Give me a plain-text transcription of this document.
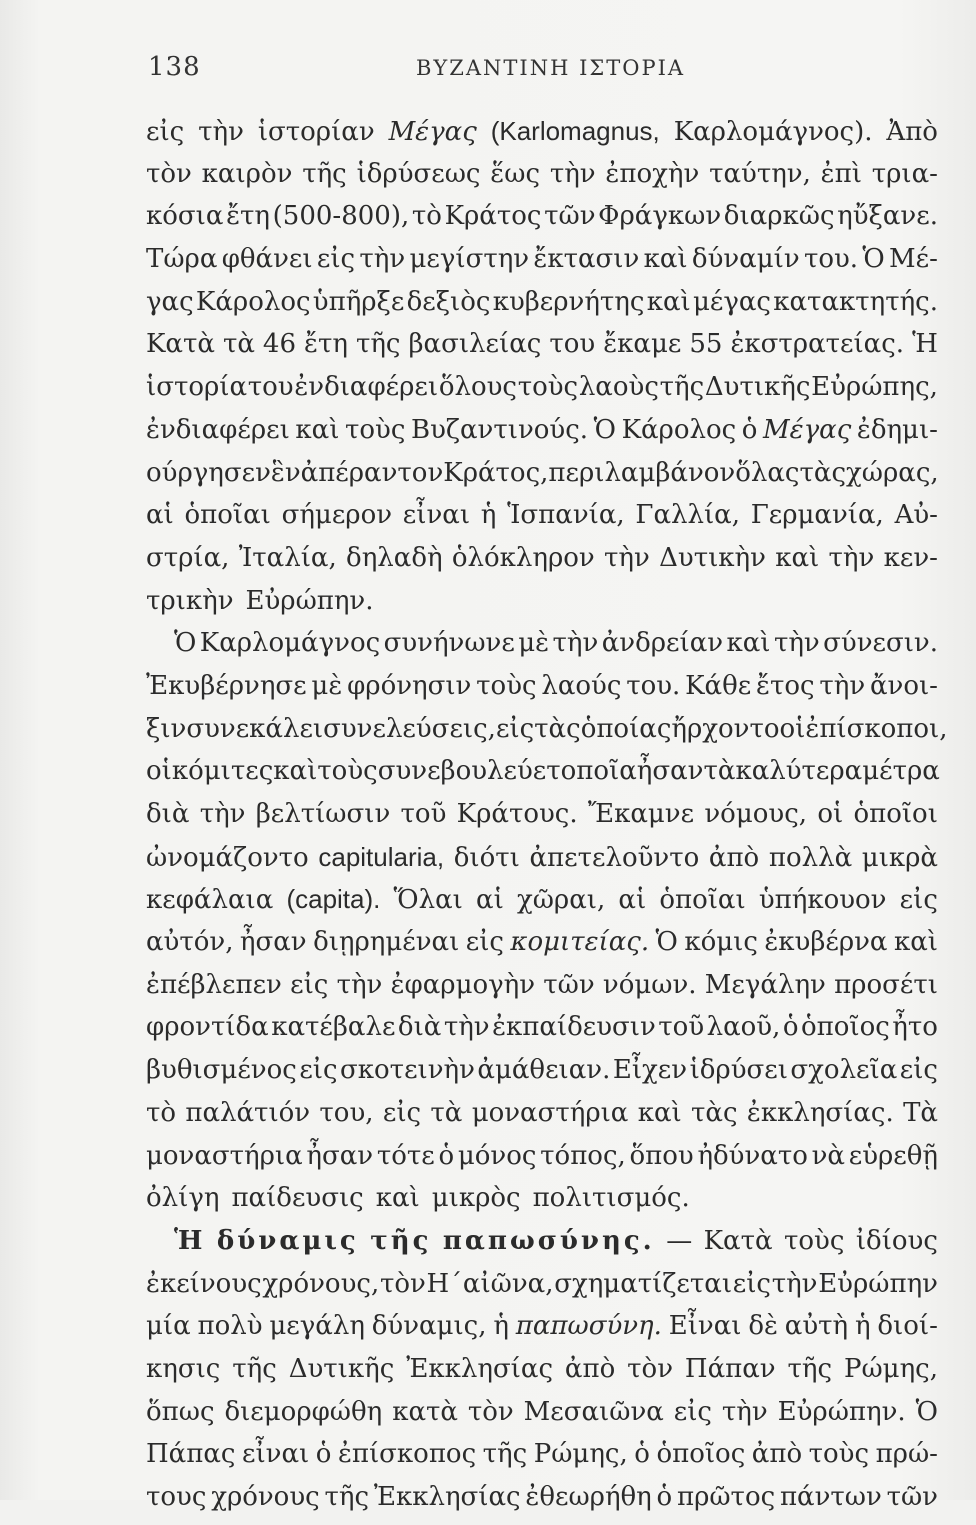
138	ΒΥΖΑΝΤΙΝΗ ΙΣΤΟΡΙΑ
εἰς τὴν ἱστορίαν Μέγας (Karlomagnus, Καρλομάγνος). Ἀπὸ
τὸν καιρὸν τῆς ἱδρύσεως ἕως τὴν ἐποχὴν ταύτην, ἐπὶ τρια-
κόσια ἔτη (500-800), τὸ Κράτος τῶν Φράγκων διαρκῶς ηὔξανε.
Τώρα φθάνει εἰς τὴν μεγίστην ἔκτασιν καὶ δύναμίν του. Ὁ Μέ-
γας Κάρολος ὑπῆρξε δεξιὸς κυβερνήτης καὶ μέγας κατακτητής.
Κατὰ τὰ 46 ἔτη τῆς βασιλείας του ἔκαμε 55 ἐκστρατείας. Ἡ
ἱστορία του ἐνδιαφέρει ὅλους τοὺς λαοὺς τῆς Δυτικῆς Εὐρώπης,
ἐνδιαφέρει καὶ τοὺς Βυζαντινούς. Ὁ Κάρολος ὁ Μέγας ἐδημι-
ούργησεν ἓν ἀπέραντον Κράτος, περιλαμβάνον ὅλας τὰς χώρας,
αἱ ὁποῖαι σήμερον εἶναι ἡ Ἱσπανία, Γαλλία, Γερμανία, Αὐ-
στρία, Ἰταλία, δηλαδὴ ὁλόκληρον τὴν Δυτικὴν καὶ τὴν κεν-
τρικὴν Εὐρώπην.
Ὁ Καρλομάγνος συνήνωνε μὲ τὴν ἀνδρείαν καὶ τὴν σύνεσιν.
Ἐκυβέρνησε μὲ φρόνησιν τοὺς λαούς του. Κάθε ἔτος τὴν ἄνοι-
ξιν συνεκάλει συνελεύσεις, εἰς τὰς ὁποίας ἤρχοντο οἱ ἐπίσκοποι,
οἱ κόμιτες καὶ τοὺς συνεβουλεύετο ποῖα ἦσαν τὰ καλύτερα μέτρα
διὰ τὴν βελτίωσιν τοῦ Κράτους. Ἔκαμνε νόμους, οἱ ὁποῖοι
ὠνομάζοντο capitularia, διότι ἀπετελοῦντο ἀπὸ πολλὰ μικρὰ
κεφάλαια (capita). Ὅλαι αἱ χῶραι, αἱ ὁποῖαι ὑπήκουον εἰς
αὐτόν, ἦσαν διῃρημέναι εἰς κομιτείας. Ὁ κόμις ἐκυβέρνα καὶ
ἐπέβλεπεν εἰς τὴν ἐφαρμογὴν τῶν νόμων. Μεγάλην προσέτι
φροντίδα κατέβαλε διὰ τὴν ἐκπαίδευσιν τοῦ λαοῦ, ὁ ὁποῖος ἦτο
βυθισμένος εἰς σκοτεινὴν ἀμάθειαν. Εἶχεν ἱδρύσει σχολεῖα εἰς
τὸ παλάτιόν του, εἰς τὰ μοναστήρια καὶ τὰς ἐκκλησίας. Τὰ
μοναστήρια ἦσαν τότε ὁ μόνος τόπος, ὅπου ἠδύνατο νὰ εὑρεθῇ
ὀλίγη παίδευσις καὶ μικρὸς πολιτισμός.
Ἡ δύναμις τῆς παπωσύνης. — Κατὰ τοὺς ἰδίους
ἐκείνους χρόνους, τὸν Η΄ αἰῶνα, σχηματίζεται εἰς τὴν Εὐρώπην
μία πολὺ μεγάλη δύναμις, ἡ παπωσύνη. Εἶναι δὲ αὐτὴ ἡ διοί-
κησις τῆς Δυτικῆς Ἐκκλησίας ἀπὸ τὸν Πάπαν τῆς Ρώμης,
ὅπως διεμορφώθη κατὰ τὸν Μεσαιῶνα εἰς τὴν Εὐρώπην. Ὁ
Πάπας εἶναι ὁ ἐπίσκοπος τῆς Ρώμης, ὁ ὁποῖος ἀπὸ τοὺς πρώ-
τους χρόνους τῆς Ἐκκλησίας ἐθεωρήθη ὁ πρῶτος πάντων τῶν
